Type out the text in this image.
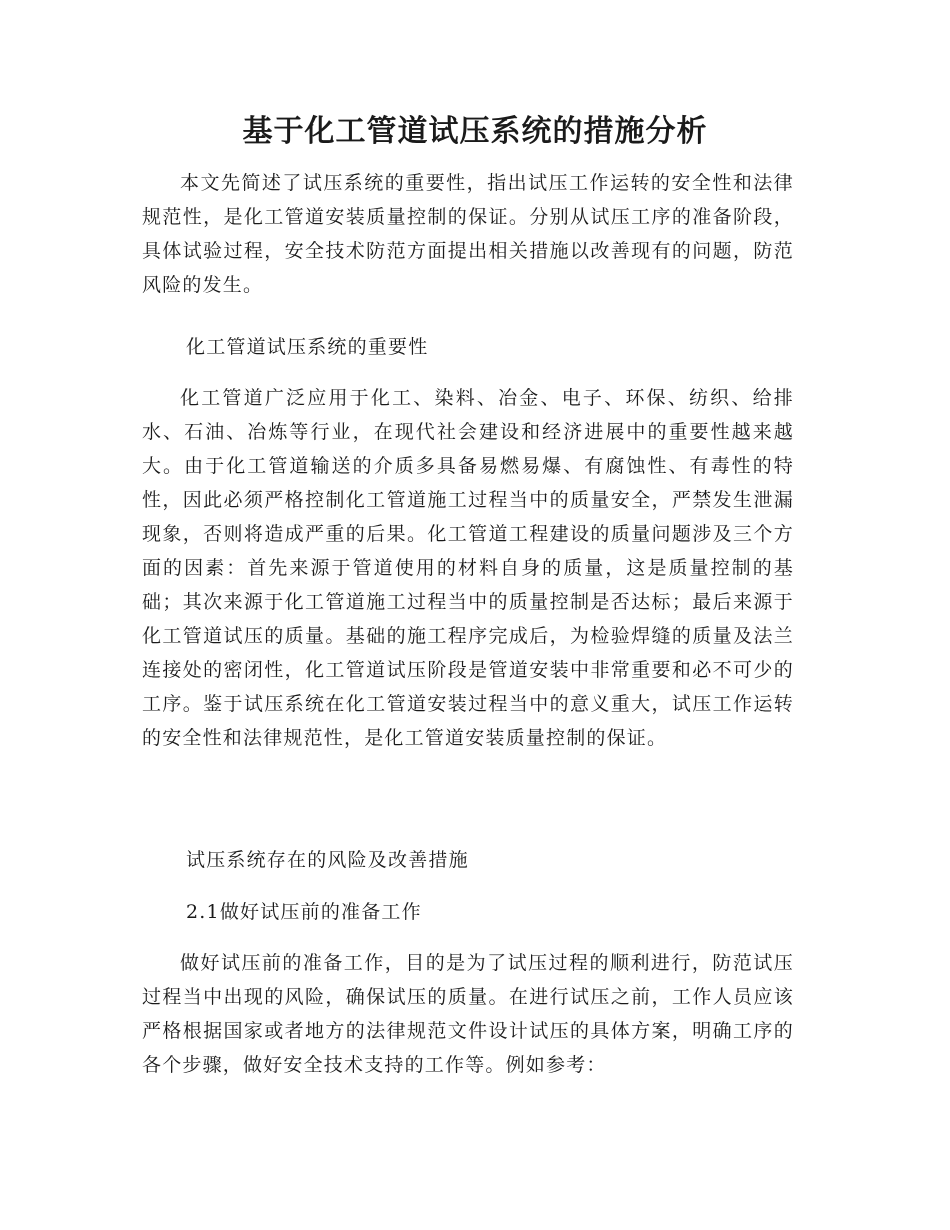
基于化工管道试压系统的措施分析

本文先简述了试压系统的重要性，指出试压工作运转的安全性和法律规范性，是化工管道安装质量控制的保证。分别从试压工序的准备阶段，具体试验过程，安全技术防范方面提出相关措施以改善现有的问题，防范风险的发生。

化工管道试压系统的重要性

化工管道广泛应用于化工、染料、冶金、电子、环保、纺织、给排水、石油、冶炼等行业，在现代社会建设和经济进展中的重要性越来越大。由于化工管道输送的介质多具备易燃易爆、有腐蚀性、有毒性的特性，因此必须严格控制化工管道施工过程当中的质量安全，严禁发生泄漏现象，否则将造成严重的后果。化工管道工程建设的质量问题涉及三个方面的因素：首先来源于管道使用的材料自身的质量，这是质量控制的基础；其次来源于化工管道施工过程当中的质量控制是否达标；最后来源于化工管道试压的质量。基础的施工程序完成后，为检验焊缝的质量及法兰连接处的密闭性，化工管道试压阶段是管道安装中非常重要和必不可少的工序。鉴于试压系统在化工管道安装过程当中的意义重大，试压工作运转的安全性和法律规范性，是化工管道安装质量控制的保证。

试压系统存在的风险及改善措施

2.1做好试压前的准备工作

做好试压前的准备工作，目的是为了试压过程的顺利进行，防范试压过程当中出现的风险，确保试压的质量。在进行试压之前，工作人员应该严格根据国家或者地方的法律规范文件设计试压的具体方案，明确工序的各个步骤，做好安全技术支持的工作等。例如参考：
